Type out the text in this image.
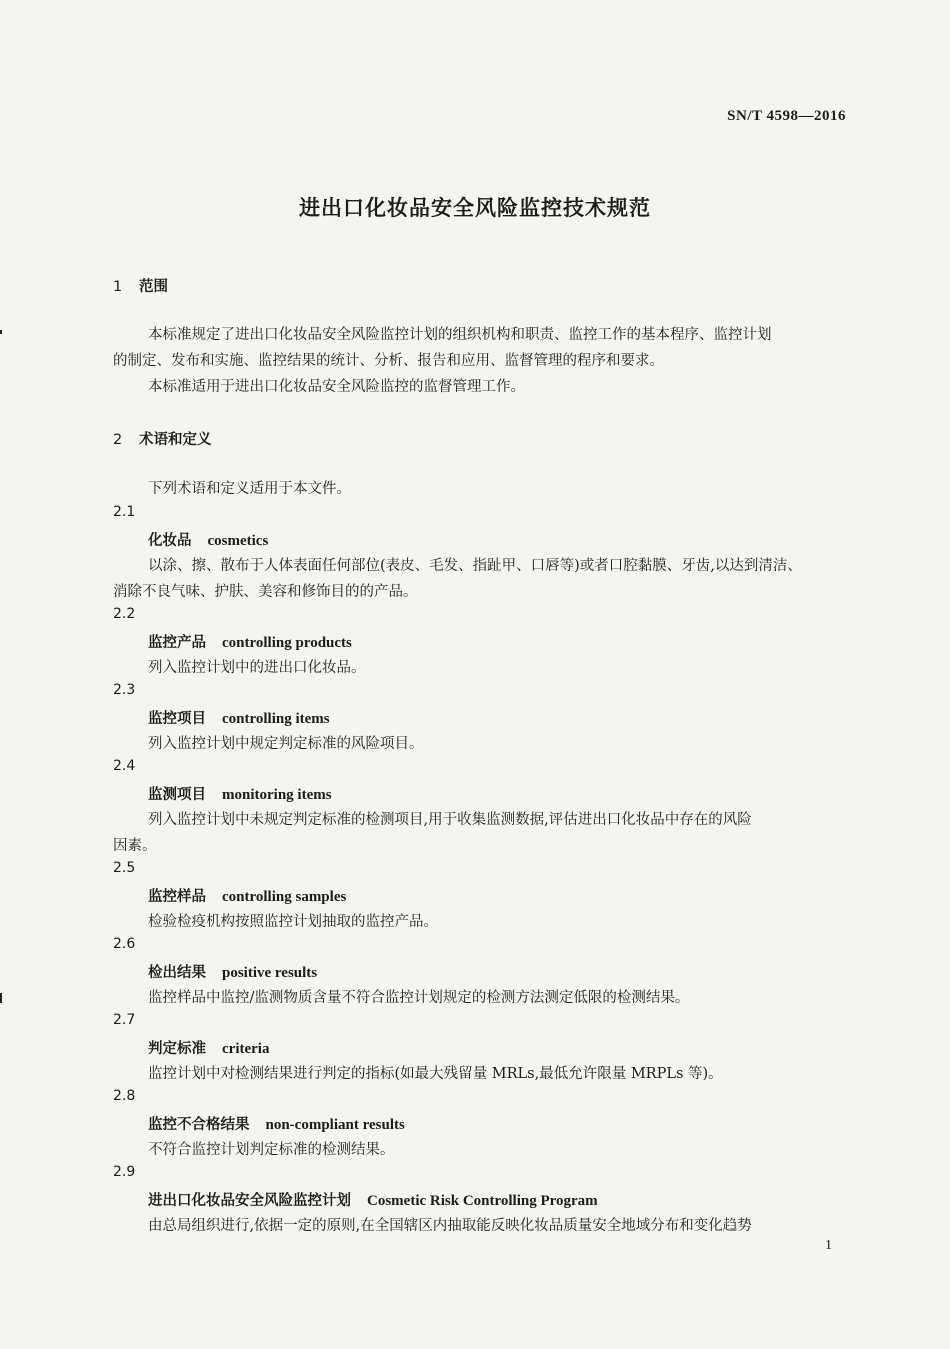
SN/T 4598—2016
进出口化妆品安全风险监控技术规范
1 范围
本标准规定了进出口化妆品安全风险监控计划的组织机构和职责、监控工作的基本程序、监控计划
的制定、发布和实施、监控结果的统计、分析、报告和应用、监督管理的程序和要求。
本标准适用于进出口化妆品安全风险监控的监督管理工作。
2 术语和定义
下列术语和定义适用于本文件。
2.1
化妆品 cosmetics
以涂、擦、散布于人体表面任何部位(表皮、毛发、指趾甲、口唇等)或者口腔黏膜、牙齿,以达到清洁、
消除不良气味、护肤、美容和修饰目的的产品。
2.2
监控产品 controlling products
列入监控计划中的进出口化妆品。
2.3
监控项目 controlling items
列入监控计划中规定判定标准的风险项目。
2.4
监测项目 monitoring items
列入监控计划中未规定判定标准的检测项目,用于收集监测数据,评估进出口化妆品中存在的风险
因素。
2.5
监控样品 controlling samples
检验检疫机构按照监控计划抽取的监控产品。
2.6
检出结果 positive results
监控样品中监控/监测物质含量不符合监控计划规定的检测方法测定低限的检测结果。
2.7
判定标准 criteria
监控计划中对检测结果进行判定的指标(如最大残留量 MRLs,最低允许限量 MRPLs 等)。
2.8
监控不合格结果 non-compliant results
不符合监控计划判定标准的检测结果。
2.9
进出口化妆品安全风险监控计划 Cosmetic Risk Controlling Program
由总局组织进行,依据一定的原则,在全国辖区内抽取能反映化妆品质量安全地域分布和变化趋势
1
